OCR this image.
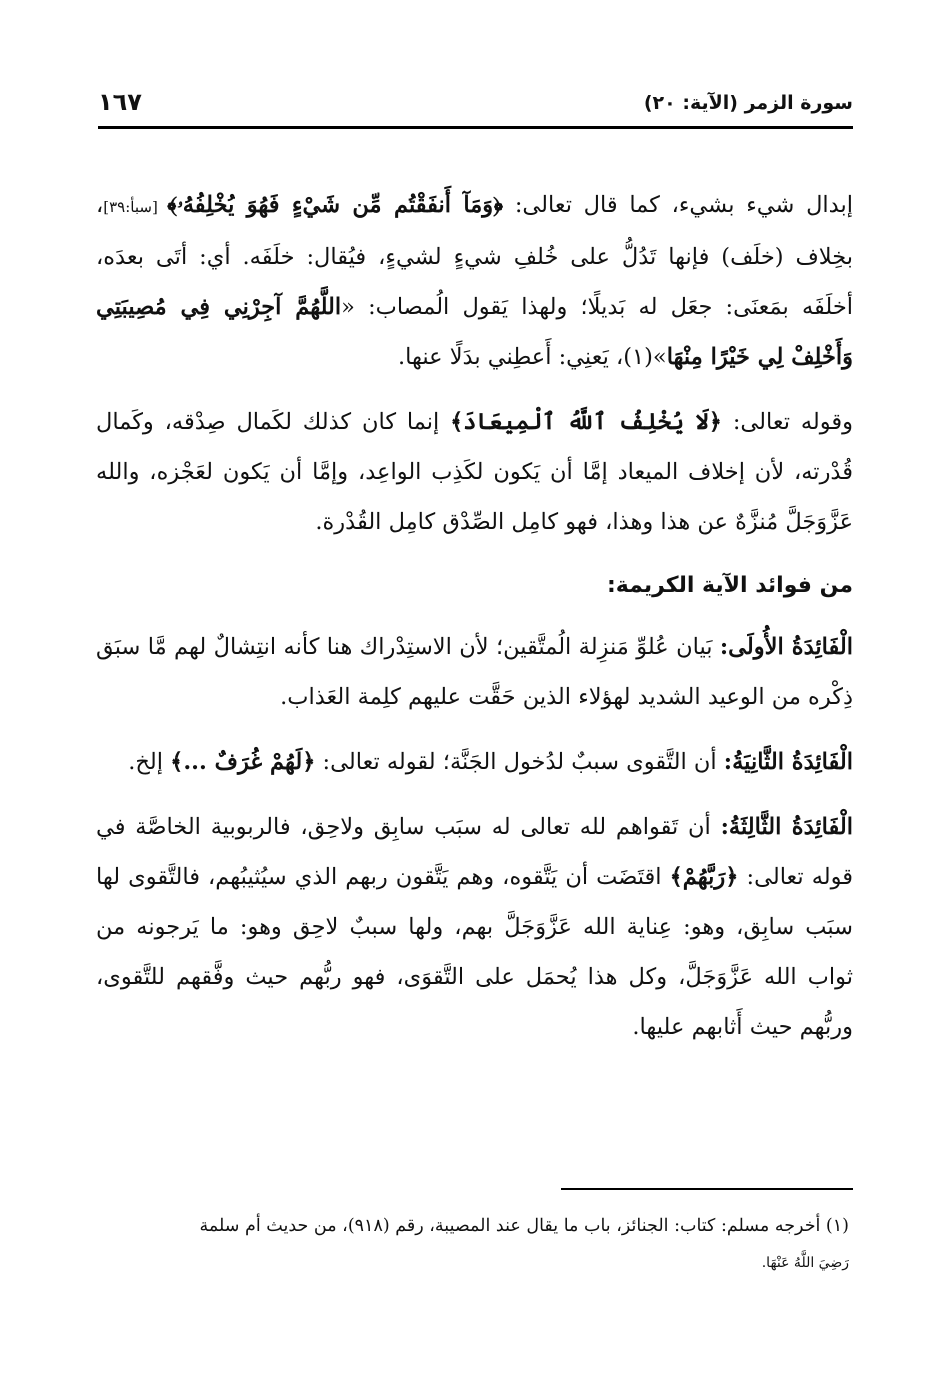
سورة الزمر (الآية: ٢٠)
١٦٧

إبدال شيء بشيء، كما قال تعالى: ﴿وَمَآ أَنفَقْتُم مِّن شَيْءٍ فَهُوَ يُخْلِفُهُۥ﴾ [سبأ:٣٩]، بخِلاف (خلَف) فإنها تَدُلُّ على خُلفِ شيءٍ لشيءٍ، فيُقال: خلَفَه. أي: أتَى بعدَه، أخلَفَه بمَعنَى: جعَل له بَديلًا؛ ولهذا يَقول الُمصاب: «اللَّهُمَّ آجِرْنِي فِي مُصِيبَتِي وَأَخْلِفْ لِي خَيْرًا مِنْهَا»(١)، يَعنِي: أَعطِني بدَلًا عنها.

وقوله تعالى: ﴿لَا يُخْلِفُ ٱللَّهُ ٱلْمِيعَادَ﴾ إنما كان كذلك لكَمال صِدْقه، وكَمال قُدْرته، لأن إخلاف الميعاد إمَّا أن يَكون لكَذِب الواعِد، وإمَّا أن يَكون لعَجْزه، والله عَزَّوَجَلَّ مُنزَّهٌ عن هذا وهذا، فهو كامِل الصِّدْق كامِل القُدْرة.

من فوائد الآية الكريمة:

الْفَائِدَةُ الأُولَى: بَيان عُلوِّ مَنزِلة الُمتَّقين؛ لأن الاستِدْراك هنا كأنه انتِشالٌ لهم مَّا سبَق ذِكْره من الوعيد الشديد لهؤلاء الذين حَقَّت عليهم كلِمة العَذاب.

الْفَائِدَةُ الثَّانِيَةُ: أن التَّقوى سببٌ لدُخول الجَنَّة؛ لقوله تعالى: ﴿لَهُمْ غُرَفٌ ...﴾ إلخ.

الْفَائِدَةُ الثَّالِثَةُ: أن تَقواهم لله تعالى له سبَب سابِق ولاحِق، فالربوبية الخاصَّة في قوله تعالى: ﴿رَبَّهُمْ﴾ اقتَضَت أن يَتَّقوه، وهم يَتَّقون ربهم الذي سيُثيبُهم، فالتَّقوى لها سبَب سابِق، وهو: عِناية الله عَزَّوَجَلَّ بهم، ولها سببٌ لاحِق وهو: ما يَرجونه من ثواب الله عَزَّوَجَلَّ، وكل هذا يُحمَل على التَّقوَى، فهو ربُّهم حيث وفَّقهم للتَّقوى، وربُّهم حيث أَثابهم عليها.

(١) أخرجه مسلم: كتاب: الجنائز، باب ما يقال عند المصيبة، رقم (٩١٨)، من حديث أم سلمة
رَضِيَ اللَّهُ عَنْهَا.
